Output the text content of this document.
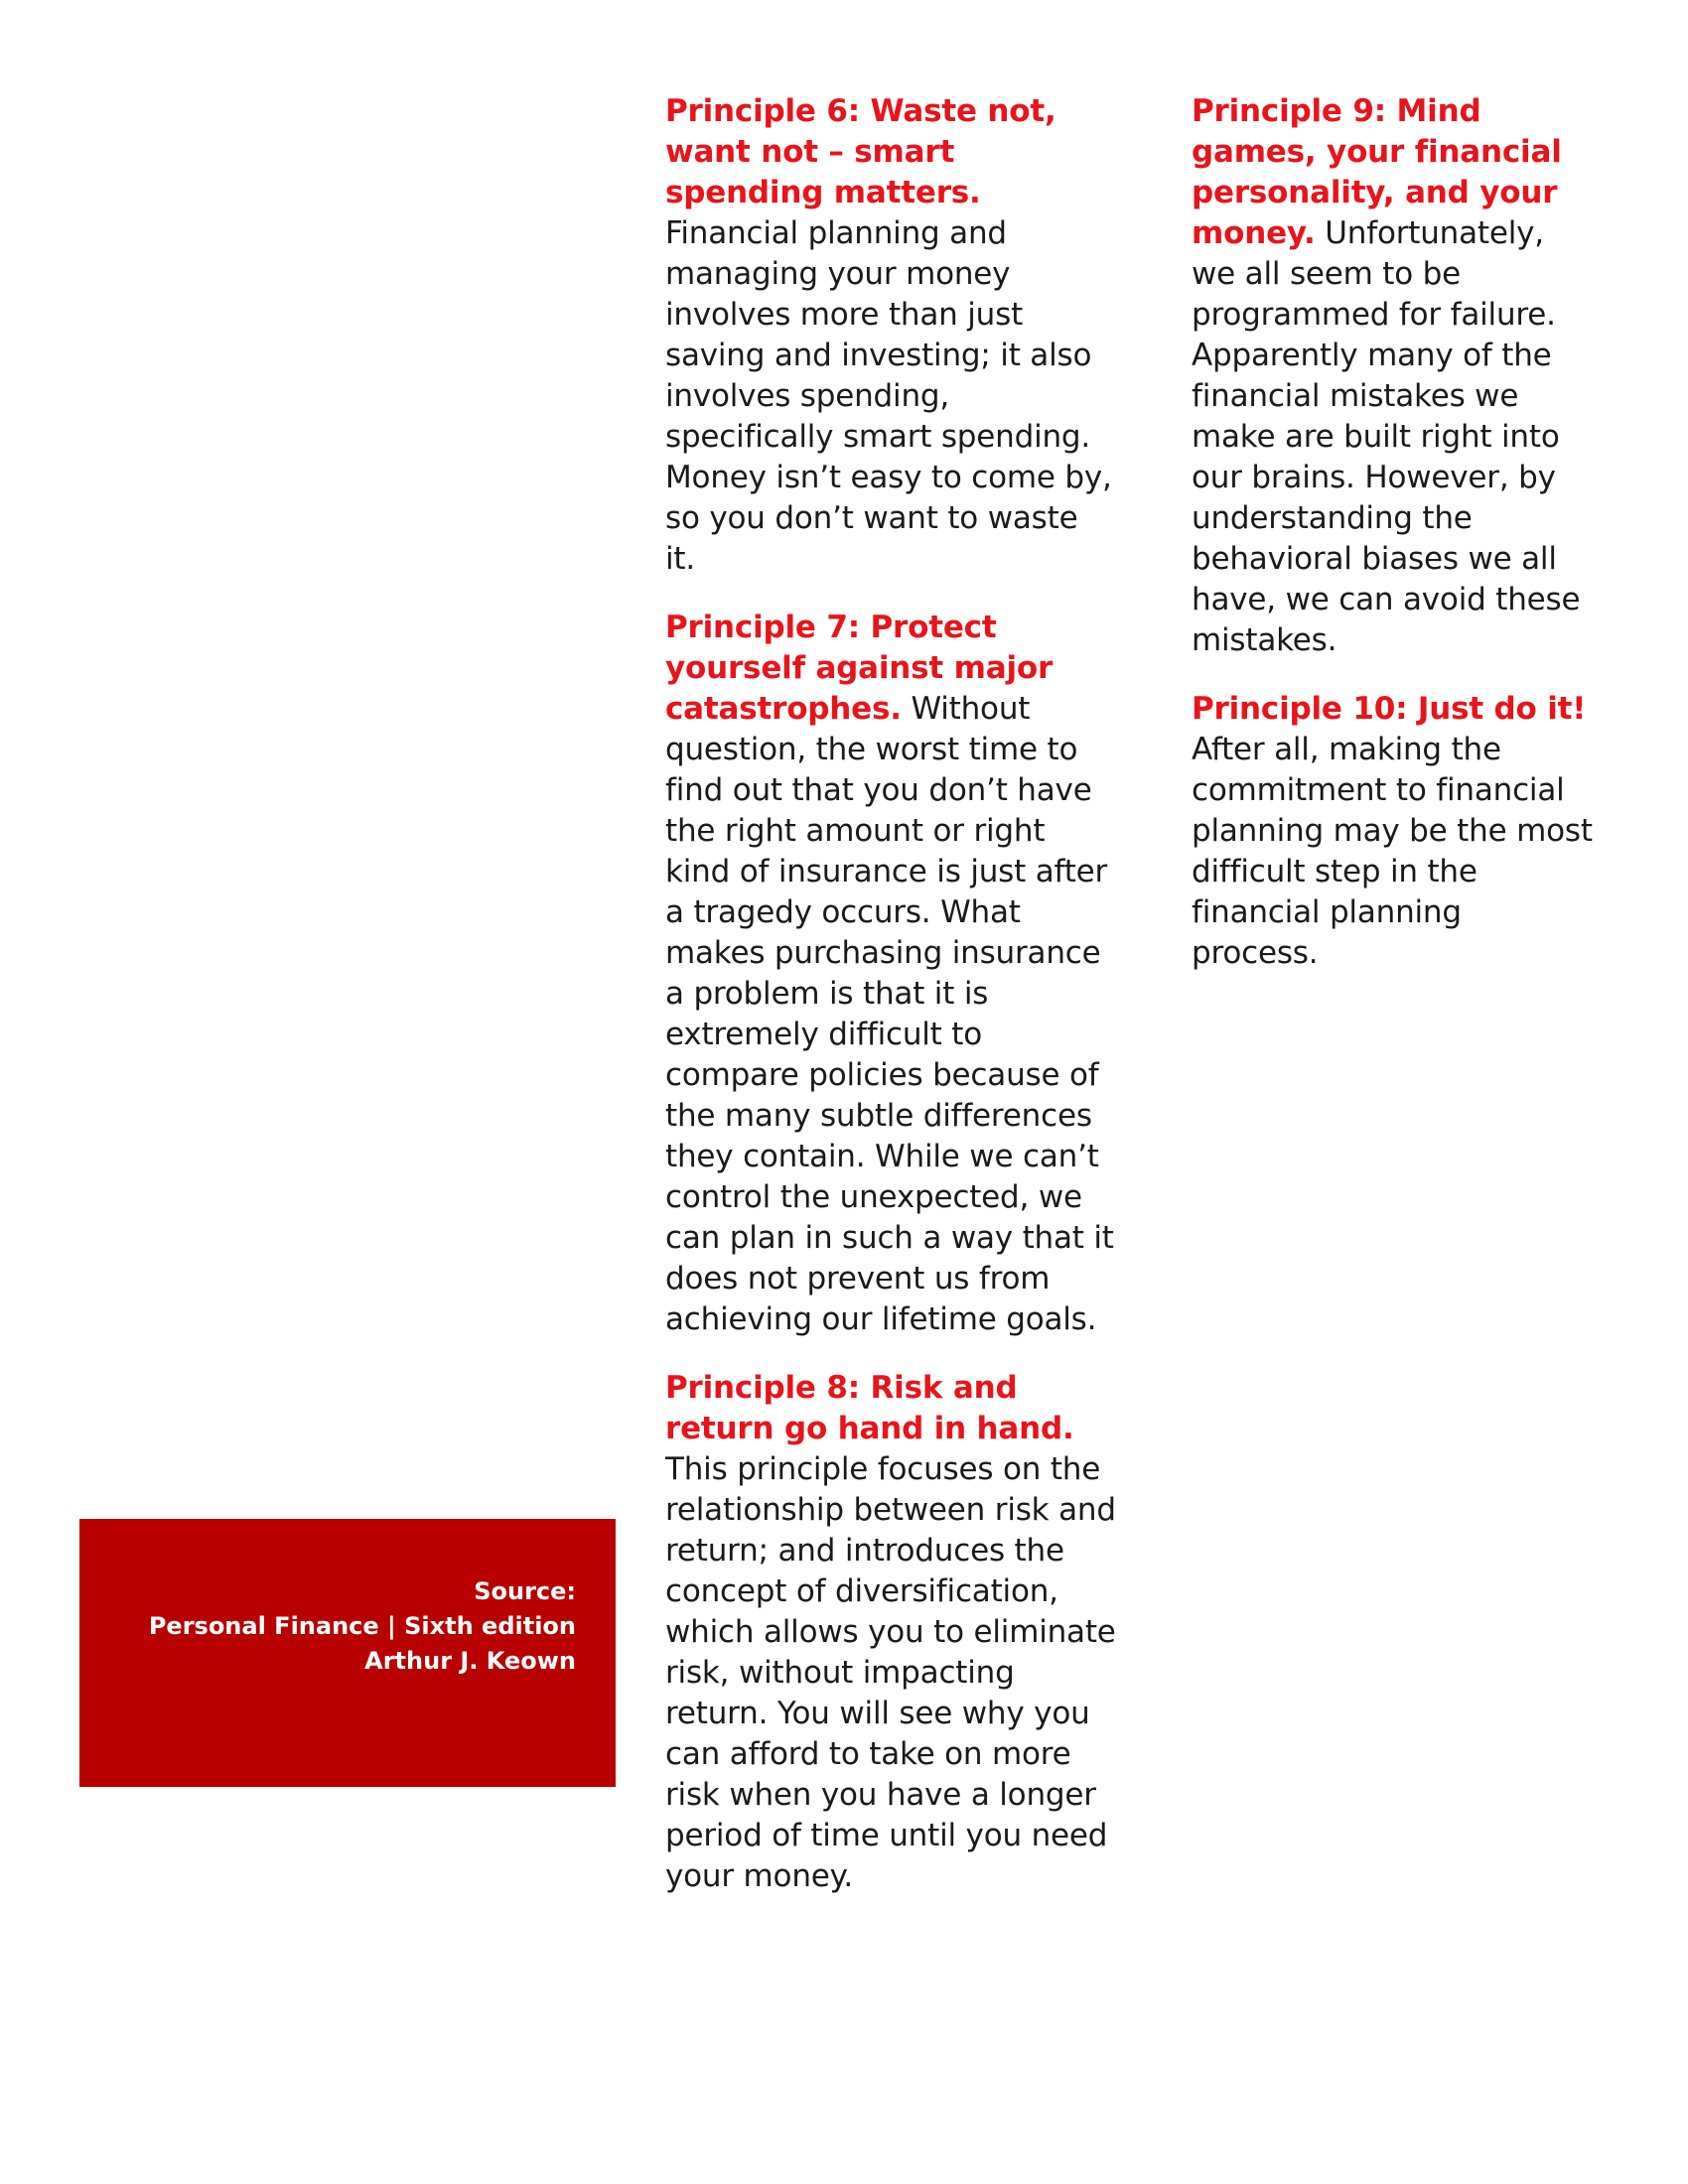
Principle 6: Waste not, want not – smart spending matters. Financial planning and managing your money involves more than just saving and investing; it also involves spending, specifically smart spending. Money isn’t easy to come by, so you don’t want to waste it.

Principle 7: Protect yourself against major catastrophes. Without question, the worst time to find out that you don’t have the right amount or right kind of insurance is just after a tragedy occurs. What makes purchasing insurance a problem is that it is extremely difficult to compare policies because of the many subtle differences they contain. While we can’t control the unexpected, we can plan in such a way that it does not prevent us from achieving our lifetime goals.

Principle 8: Risk and return go hand in hand. This principle focuses on the relationship between risk and return; and introduces the concept of diversification, which allows you to eliminate risk, without impacting return. You will see why you can afford to take on more risk when you have a longer period of time until you need your money.

Principle 9: Mind games, your financial personality, and your money. Unfortunately, we all seem to be programmed for failure. Apparently many of the financial mistakes we make are built right into our brains. However, by understanding the behavioral biases we all have, we can avoid these mistakes.

Principle 10: Just do it! After all, making the commitment to financial planning may be the most difficult step in the financial planning process.

Source:
Personal Finance | Sixth edition
Arthur J. Keown
